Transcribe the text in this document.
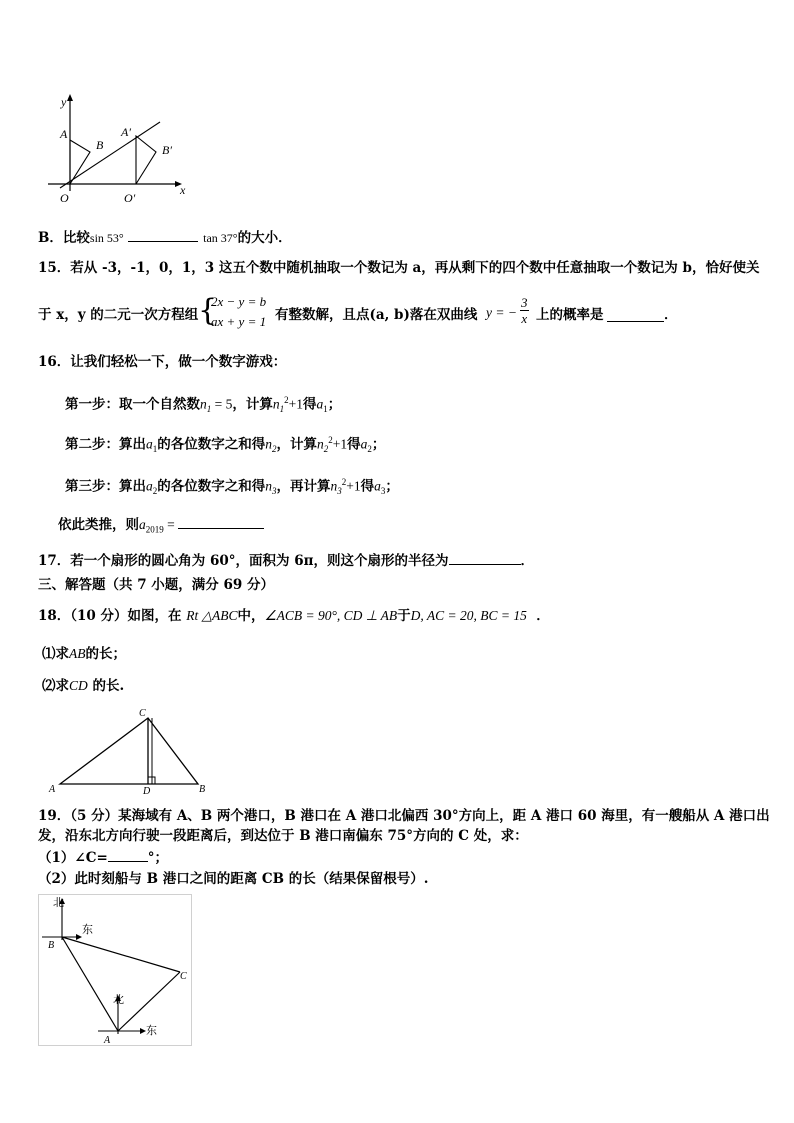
y
x
O
A
B
A′
B′
O′
B．比较sin 53°	tan 37°的大小．
15．若从 -3，-1，0，1，3 这五个数中随机抽取一个数记为 a，再从剩下的四个数中任意抽取一个数记为 b，恰好使关
于 x，y 的二元一次方程组 {
2x − y = b
ax + y = 1 有整数解，且点(a, b)落在双曲线 y = − $\frac{3}{x}$ 上的概率是	．
16．让我们轻松一下，做一个数字游戏：
第一步：取一个自然数$n_1 = 5$，计算$n_1^2+1$得$a_1$；
第二步：算出$a_1$的各位数字之和得$n_2$，计算$n_2^2+1$得$a_2$；
第三步：算出$a_2$的各位数字之和得$n_3$，再计算$n_3^2+1$得$a_3$；
依此类推，则$a_{2019}$ =
17．若一个扇形的圆心角为 60°，面积为 6π，则这个扇形的半径为	．
三、解答题（共 7 小题，满分 69 分）
18．（10 分）如图，在 Rt △ABC中，∠ACB = 90°, CD ⊥ AB于D, AC = 20, BC = 15 ．
⑴求AB的长；
⑵求CD 的长.
A	B
C
D
19．（5 分）某海域有 A、B 两个港口，B 港口在 A 港口北偏西 30°方向上，距 A 港口 60 海里，有一艘船从 A 港口出
发，沿东北方向行驶一段距离后，到达位于 B 港口南偏东 75°方向的 C 处，求：
（1）∠C=	°；
（2）此时刻船与 B 港口之间的距离 CB 的长（结果保留根号）.
北
东
B
C
北
东
A
